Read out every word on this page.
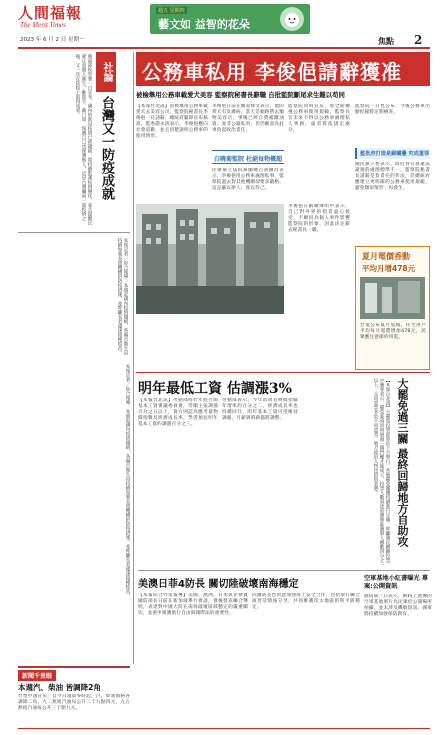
人間福報
The Merit Times
2023 年 6 月 2 日 星期一
週五 星期四
藝文如 益智的花朵
焦點 2
社論
台灣又一防疫成就
衛福部疾管署一日宣布，國內的新冠疫情已經趨緩，將持續監測疫情變化，並且提醒民眾注意個人衛生，勤洗手、戴口罩，保護自己也保護他人。這是台灣繼前一波疫情之後，又一次在防疫上取得成果。
本報記者／綜合報導：本週起國內疫情趨緩，各縣市衛生局持續加強長照機構的防疫措施，並呼籲長者儘速接種疫苗。
公務車私用 李俊俋請辭獲准
被檢舉用公務車載愛犬美容 監察院秘書長辭職 自批監院斷尾求生難以苟同
【本報台北訊】因被爆用公務車載愛犬去美容公司，監察院秘書長李俊俋一日請辭，總統府隨即宣布核准。監委趙永清表示，李俊俋應向社會道歉，並且清楚說明公務車的使用情形。
李俊俋日前在臉書發文表示，他的愛犬有皮膚病，當天是順路帶去寵物美容店，事後已經自費補繳油資，並非公器私用，但仍願意為此事負起政治責任。
白曉菊監院 杜絕每物概超
民眾黨立法院黨團總召黃國昌表示，李俊俋用公務車處理私事，監察院過去對其他機關卻要求嚴格，這是嚴以律人、寬以待己。
監察院同時宣布，將全面檢視公務車使用規範，監察長官未來不得以公務車處理私人事務，違者將依規定處分。
監察院一日也公布，今後公務車出勤紀錄將定期檢查。
藍批府打造是錦罐疊 究成重罪
國民黨立委表示，政府對官員違法違規的處理標準不一，監察院秘書長請辭是負責任的作法，但總統府應建立更明確的公務車使用規範，避免類似情形一再發生。
李俊俋在辭職聲明中表示，自己對外界的指責虛心接受，不願因為個人事件影響監察院的形象，因此決定辭去秘書長一職。
夏月電價香動
平均月增478元
台電公布夏月電價，住宅用戶平均每月電費增加478元，民眾應注意節約用電。
本報記者／綜合報導：本週起國內疫情趨緩，各縣市衛生局持續加強長照機構的防疫措施，並呼籲長者儘速接種疫苗。 明年最低工資 估調漲3%
【本報台北訊】勞動部將於年底召開基本工資審議委員會，勞團主張調漲百分之五以上，資方則認為應考量物價指數及經濟成長率，學者預估明年基本工資約調漲百分之三。
勞動部表示，今年消費者物價指數年增率約百分之二，經濟成長率也持續回升，明年基本工資可望維持調漲，月薪與時薪都將調整。	大罷免過三關 最終回歸地方自助攻
【本報台北訊】大罷免投票即將於下月舉行，各地罷免團體持續進行宣傳，呼籲選民踴躍投票。中選會表示，罷免案須同時通過三個門檻才能成立，投票人數須達原選舉區選舉人總數四分之一以上，且同意票多於不同意票。地方政治人物也紛紛表態。
美澳日菲4防長 關切陸破壞南海穩定
【本報綜合外電報導】美國、澳洲、日本與菲律賓國防部長日前在新加坡舉行會談，會後發表聯合聲明，表達對中國大陸在南海破壞區域穩定的嚴重關切，並重申維護航行自由與國際法的重要性。
四國防長也同意加強海上安全合作，包括舉行聯合演習及情報分享，共同維護印太地區的和平與穩定。
空軍基地小紅書曝光 專案:公開資訊
國防部一日表示，網路上流傳的空軍基地照片為民眾於公開場所拍攝，並未涉及機敏資訊，國軍將持續加強保防教育。
新聞千里眼
本週汽、柴油 皆調降2角
台塑中油宣布，自今日凌晨零時起，汽、柴油價格各調降二角，九二無鉛汽油每公升二十九點四元，九五無鉛汽油每公升三十點九元。
